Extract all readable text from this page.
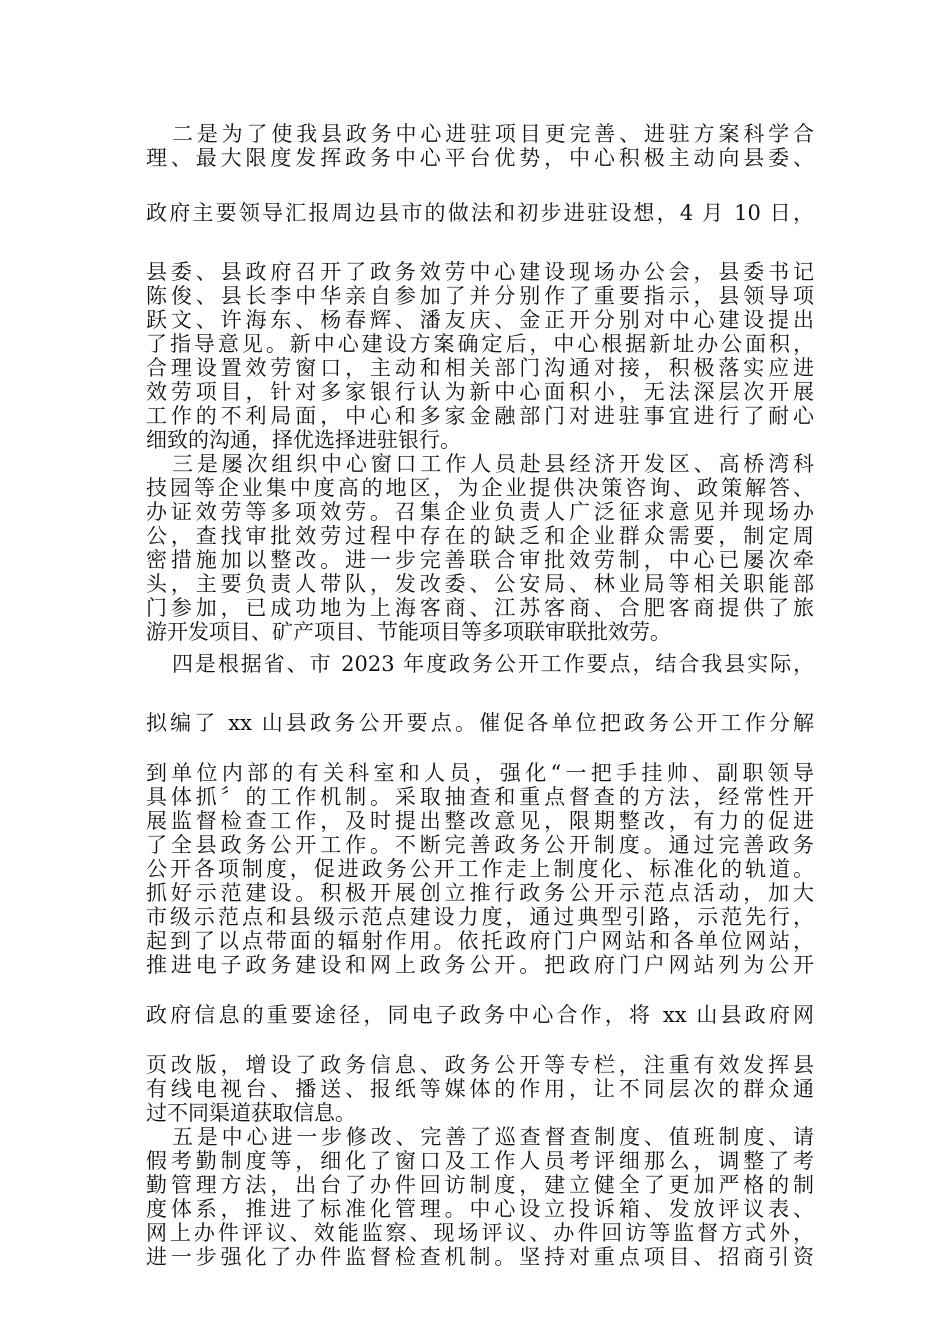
二是为了使我县政务中心进驻项目更完善、进驻方案科学合
理、最大限度发挥政务中心平台优势，中心积极主动向县委、
政府主要领导汇报周边县市的做法和初步进驻设想，4 月 10 日，
县委、县政府召开了政务效劳中心建设现场办公会，县委书记
陈俊、县长李中华亲自参加了并分别作了重要指示，县领导项
跃文、许海东、杨春辉、潘友庆、金正开分别对中心建设提出
了指导意见。新中心建设方案确定后，中心根据新址办公面积，
合理设置效劳窗口，主动和相关部门沟通对接，积极落实应进
效劳项目，针对多家银行认为新中心面积小，无法深层次开展
工作的不利局面，中心和多家金融部门对进驻事宜进行了耐心
细致的沟通，择优选择进驻银行。
三是屡次组织中心窗口工作人员赴县经济开发区、高桥湾科
技园等企业集中度高的地区，为企业提供决策咨询、政策解答、
办证效劳等多项效劳。召集企业负责人广泛征求意见并现场办
公，查找审批效劳过程中存在的缺乏和企业群众需要，制定周
密措施加以整改。进一步完善联合审批效劳制，中心已屡次牵
头，主要负责人带队，发改委、公安局、林业局等相关职能部
门参加，已成功地为上海客商、江苏客商、合肥客商提供了旅
游开发项目、矿产项目、节能项目等多项联审联批效劳。
四是根据省、市 2023 年度政务公开工作要点，结合我县实际，
拟编了 xx 山县政务公开要点。催促各单位把政务公开工作分解
到单位内部的有关科室和人员，强化“一把手挂帅、副职领导
具体抓〞的工作机制。采取抽查和重点督查的方法，经常性开
展监督检查工作，及时提出整改意见，限期整改，有力的促进
了全县政务公开工作。不断完善政务公开制度。通过完善政务
公开各项制度，促进政务公开工作走上制度化、标准化的轨道。
抓好示范建设。积极开展创立推行政务公开示范点活动，加大
市级示范点和县级示范点建设力度，通过典型引路，示范先行，
起到了以点带面的辐射作用。依托政府门户网站和各单位网站，
推进电子政务建设和网上政务公开。把政府门户网站列为公开
政府信息的重要途径，同电子政务中心合作，将 xx 山县政府网
页改版，增设了政务信息、政务公开等专栏，注重有效发挥县
有线电视台、播送、报纸等媒体的作用，让不同层次的群众通
过不同渠道获取信息。
五是中心进一步修改、完善了巡查督查制度、值班制度、请
假考勤制度等，细化了窗口及工作人员考评细那么，调整了考
勤管理方法，出台了办件回访制度，建立健全了更加严格的制
度体系，推进了标准化管理。中心设立投诉箱、发放评议表、
网上办件评议、效能监察、现场评议、办件回访等监督方式外，
进一步强化了办件监督检查机制。坚持对重点项目、招商引资
